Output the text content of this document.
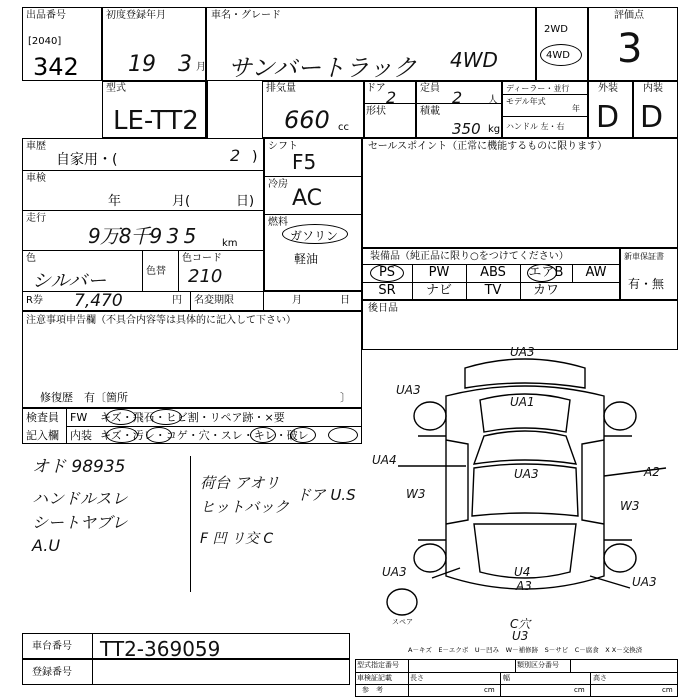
出品番号
[2040]
342
初度登録年月
19 3 月
車名・グレード
サンバートラック 4WD
2WD
4WD
評価点
3
型式
LE-TT2
排気量
660 cc
ドア 2
形状
定員 2	人
積載
350 kg
ディーラー・並行
モデル年式
年
ハンドル 左・右
外装
D
内装
D
車歴
自家用・(	2 )
車検
年	月(	日)
走行
9万8千9 3 5	km
色
シルバー	色替
色コード
210
R券 7,470	円 名変期限	月	日
シフト
F5
冷房
AC
燃料
ガソリン
軽油
セールスポイント（正常に機能するものに限ります）
装備品（純正品に限り○をつけてください）
PS	PW	ABS	エアB	AW
SR	ナビ	TV	カワ
新車保証書
有・無
後日品
注意事項申告欄（不具合内容等は具体的に記入して下さい）
修復歴　有〔箇所	〕
検査員
記入欄
FW キズ・飛石・ヒビ割・リペア跡・×要
内装 キズ・汚レ・コゲ・穴・スレ・キレ・破レ
オド 98935
ハンドルスレ
シートヤブレ
A.U
荷台 アオリ
ヒットバック
ドア U.S
F 凹 リ交 C
UA3
UA3
UA1
UA4
UA3	A2
W3
W3
UA3	U4
A3	UA3
C穴
U3
スペア
A－キズ　E－エクボ　U－凹み　W－補修跡　S－サビ　C－腐食　X X－交換済
車台番号 TT2-369059
登録番号
型式指定番号	類別区分番号
車検証記載
参　考
長さ
cm
幅
cm
高さ
cm
